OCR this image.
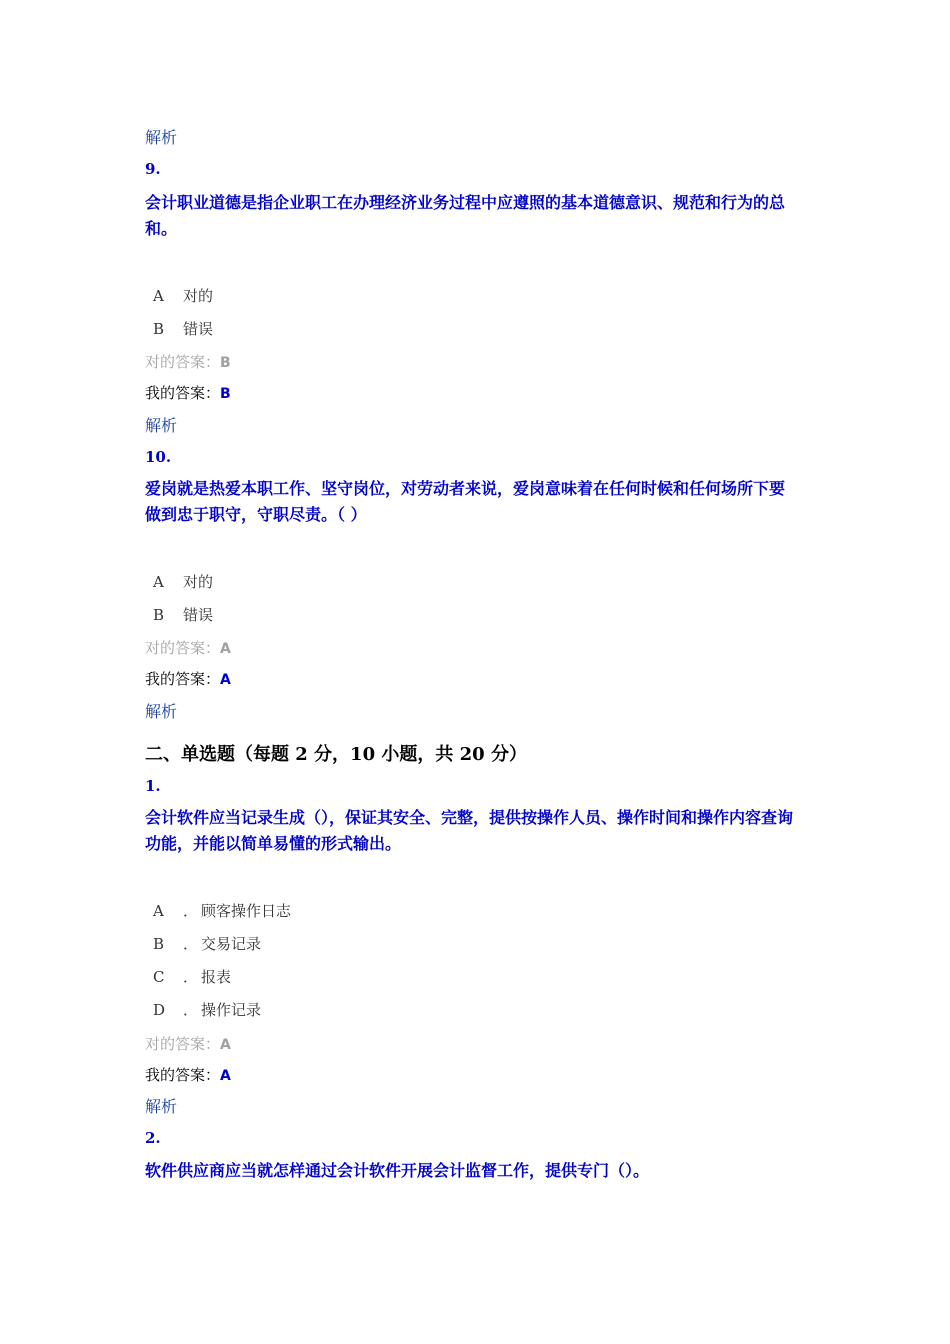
解析
9.
会计职业道德是指企业职工在办理经济业务过程中应遵照的基本道德意识、规范和行为的总和。
A 对的
B 错误
对的答案：B
我的答案：B
解析
10.
爱岗就是热爱本职工作、坚守岗位，对劳动者来说，爱岗意味着在任何时候和任何场所下要做到忠于职守，守职尽责。（ ）
A 对的
B 错误
对的答案：A
我的答案：A
解析
二、单选题（每题 2 分，10 小题，共 20 分）
1.
会计软件应当记录生成（），保证其安全、完整，提供按操作人员、操作时间和操作内容查询功能，并能以简单易懂的形式输出。
A ． 顾客操作日志
B ． 交易记录
C ． 报表
D ． 操作记录
对的答案：A
我的答案：A
解析
2.
软件供应商应当就怎样通过会计软件开展会计监督工作，提供专门（）。
